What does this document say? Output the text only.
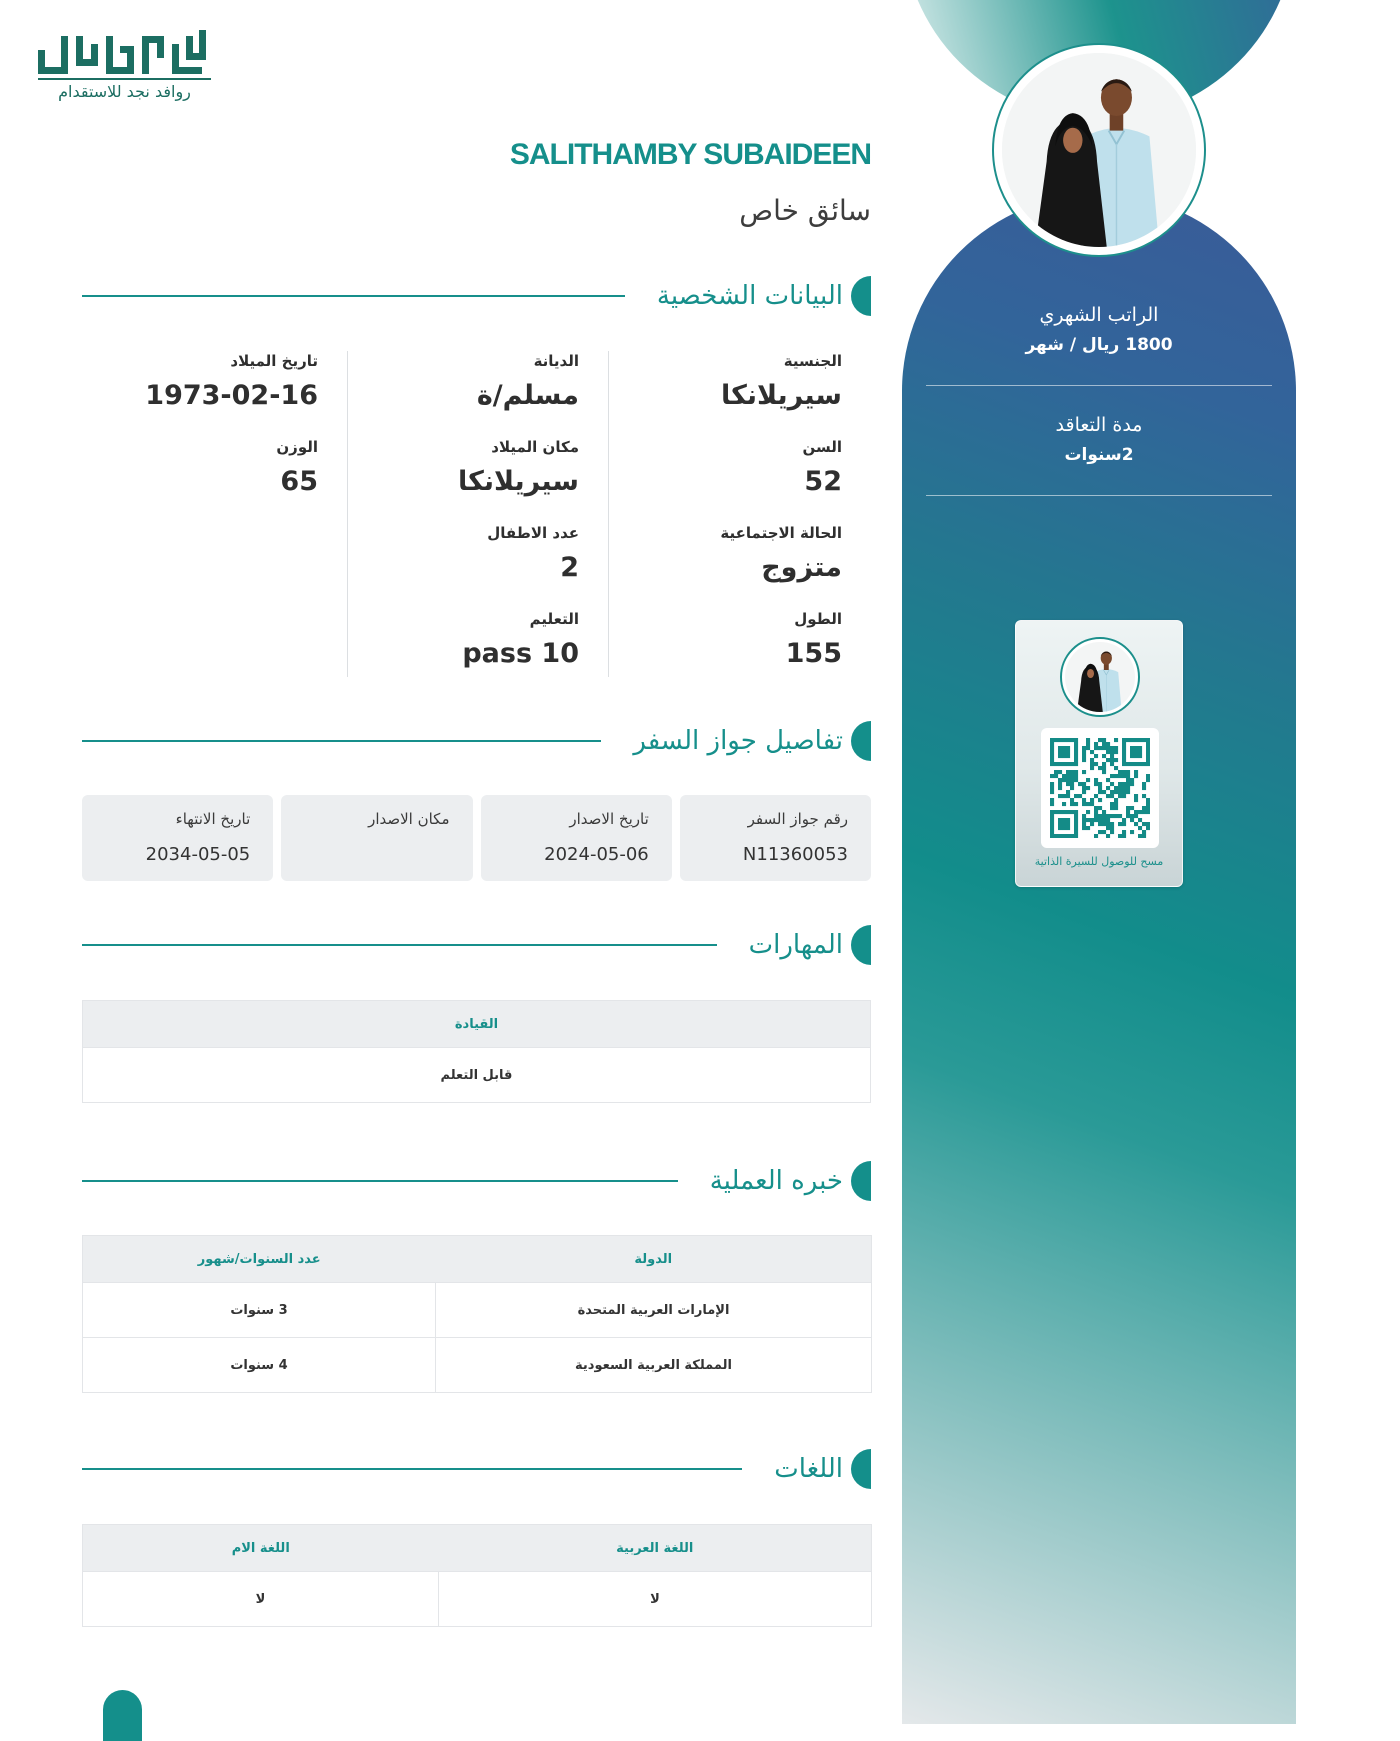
روافد نجد للاستقدام
SALITHAMBY SUBAIDEEN
سائق خاص
البيانات الشخصية
الجنسية
سيريلانكا
السن
52
الحالة الاجتماعية
متزوج
الطول
155
الديانة
مسلم/ة
مكان الميلاد
سيريلانكا
عدد الاطفال
2
التعليم
pass 10
تاريخ الميلاد
1973-02-16
الوزن
65
تفاصيل جواز السفر
رقم جواز السفر
N11360053
تاريخ الاصدار
2024-05-06
مكان الاصدار
تاريخ الانتهاء
2034-05-05
المهارات
القيادة
قابل التعلم
خبره العملية
الدولة	عدد السنوات/شهور
الإمارات العربية المتحدة	3 سنوات
المملكة العربية السعودية	4 سنوات
اللغات
اللغة العربية	اللغة الام
لا	لا
الراتب الشهري
1800 ريال / شهر
مدة التعاقد
2سنوات
مسح للوصول للسيرة الذاتية
